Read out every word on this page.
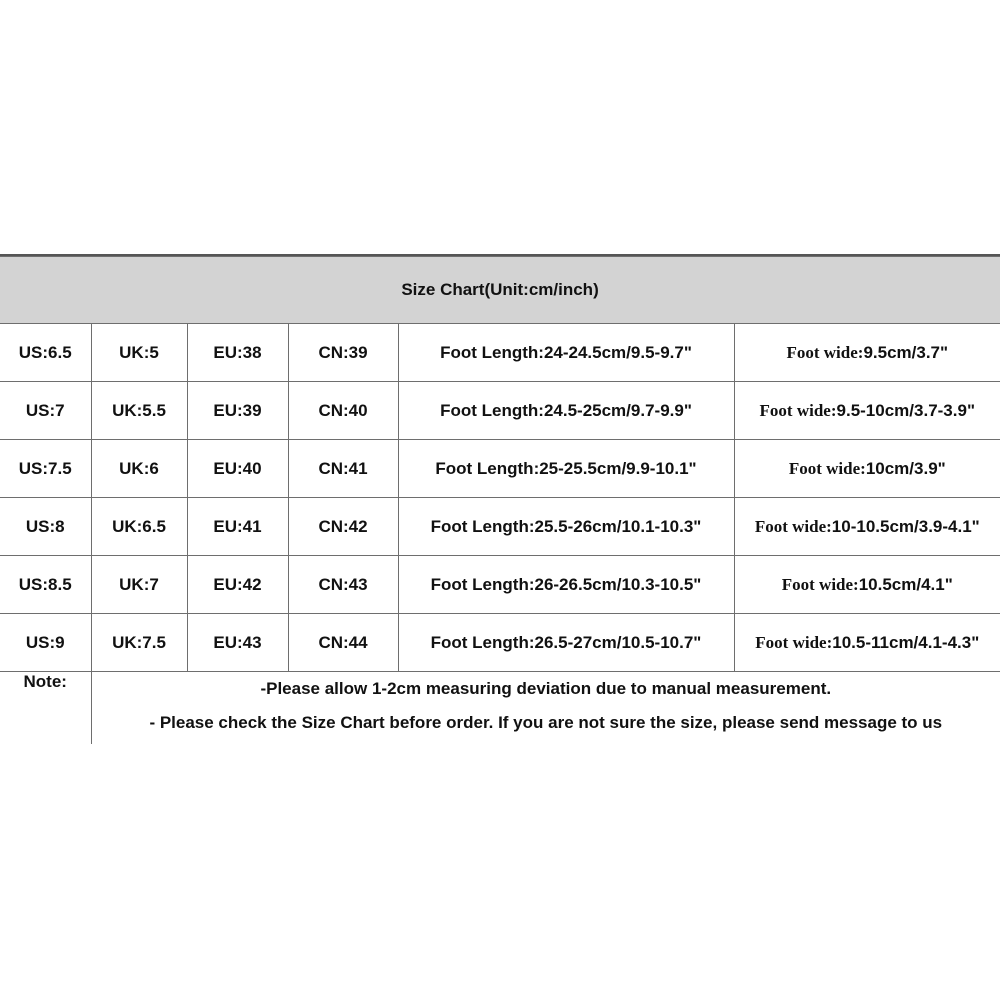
Size Chart(Unit:cm/inch)					
US:6.5	UK:5	EU:38	CN:39	Foot Length:24-24.5cm/9.5-9.7"	Foot wide:9.5cm/3.7"
US:7	UK:5.5	EU:39	CN:40	Foot Length:24.5-25cm/9.7-9.9"	Foot wide:9.5-10cm/3.7-3.9"
US:7.5	UK:6	EU:40	CN:41	Foot Length:25-25.5cm/9.9-10.1"	Foot wide:10cm/3.9"
US:8	UK:6.5	EU:41	CN:42	Foot Length:25.5-26cm/10.1-10.3"	Foot wide:10-10.5cm/3.9-4.1"
US:8.5	UK:7	EU:42	CN:43	Foot Length:26-26.5cm/10.3-10.5"	Foot wide:10.5cm/4.1"
US:9	UK:7.5	EU:43	CN:44	Foot Length:26.5-27cm/10.5-10.7"	Foot wide:10.5-11cm/4.1-4.3"
Note:	-Please allow 1-2cm measuring deviation due to manual measurement.
- Please check the Size Chart before order. If you are not sure the size, please send message to us				
